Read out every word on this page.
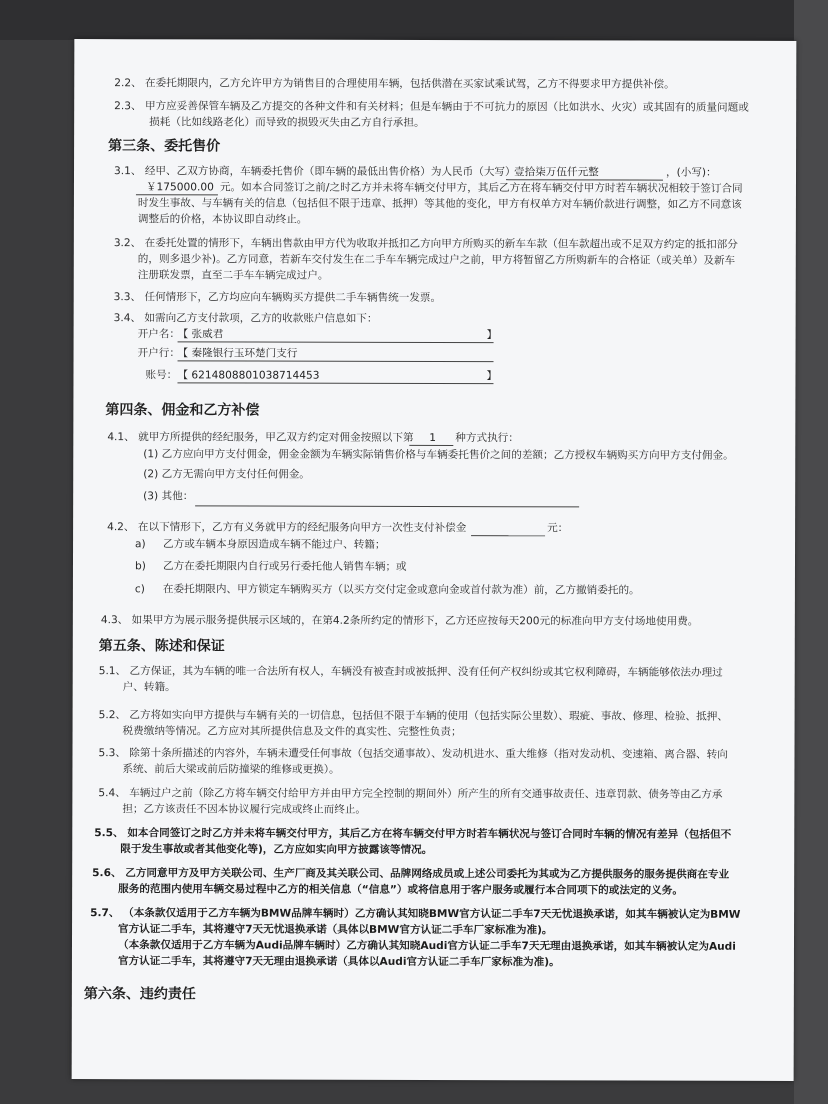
2.2、 在委托期限内，乙方允许甲方为销售目的合理使用车辆，包括供潜在买家试乘试驾，乙方不得要求甲方提供补偿。
2.3、 甲方应妥善保管车辆及乙方提交的各种文件和有关材料；但是车辆由于不可抗力的原因（比如洪水、火灾）或其固有的质量问题或
损耗（比如线路老化）而导致的损毁灭失由乙方自行承担。
第三条、委托售价
3.1、 经甲、乙双方协商，车辆委托售价（即车辆的最低出售价格）为人民币（大写）
壹拾柒万伍仟元整	，(小写)：
￥175000.00 元。如本合同签订之前/之时乙方并未将车辆交付甲方，其后乙方在将车辆交付甲方时若车辆状况相较于签订合同
时发生事故、与车辆有关的信息（包括但不限于违章、抵押）等其他的变化，甲方有权单方对车辆价款进行调整，如乙方不同意该
调整后的价格，本协议即自动终止。
3.2、 在委托处置的情形下，车辆出售款由甲方代为收取并抵扣乙方向甲方所购买的新车车款（但车款超出或不足双方约定的抵扣部分
的，则多退少补)。乙方同意，若新车交付发生在二手车车辆完成过户之前，甲方将暂留乙方所购新车的合格证（或关单）及新车
注册联发票，直至二手车车辆完成过户。
3.3、 任何情形下，乙方均应向车辆购买方提供二手车辆售统一发票。
3.4、 如需向乙方支付款项，乙方的收款账户信息如下：
开户名：
【 张威君	】
开户行：
【 秦隆银行玉环楚门支行
账号： 【 6214808801038714453	】
第四条、佣金和乙方补偿
4.1、 就甲方所提供的经纪服务，甲乙双方约定对佣金按照以下第 1 种方式执行：
(1) 乙方应向甲方支付佣金，佣金金额为车辆实际销售价格与车辆委托售价之间的差额；乙方授权车辆购买方向甲方支付佣金。
(2) 乙方无需向甲方支付任何佣金。
(3) 其他：
4.2、 在以下情形下，乙方有义务就甲方的经纪服务向甲方一次性支付补偿金	元：
a) 乙方或车辆本身原因造成车辆不能过户、转籍；
b) 乙方在委托期限内自行或另行委托他人销售车辆；或
c) 在委托期限内、甲方锁定车辆购买方（以买方交付定金或意向金或首付款为准）前，乙方撤销委托的。
4.3、 如果甲方为展示服务提供展示区域的，在第4.2条所约定的情形下，乙方还应按每天200元的标准向甲方支付场地使用费。
第五条、陈述和保证
5.1、 乙方保证，其为车辆的唯一合法所有权人，车辆没有被查封或被抵押、没有任何产权纠纷或其它权利障碍，车辆能够依法办理过
户、转籍。
5.2、 乙方将如实向甲方提供与车辆有关的一切信息，包括但不限于车辆的使用（包括实际公里数）、瑕疵、事故、修理、检验、抵押、
税费缴纳等情况。乙方应对其所提供信息及文件的真实性、完整性负责；
5.3、 除第十条所描述的内容外，车辆未遭受任何事故（包括交通事故）、发动机进水、重大维修（指对发动机、变速箱、离合器、转向
系统、前后大梁或前后防撞梁的维修或更换）。
5.4、 车辆过户之前（除乙方将车辆交付给甲方并由甲方完全控制的期间外）所产生的所有交通事故责任、违章罚款、债务等由乙方承
担；乙方该责任不因本协议履行完成或终止而终止。
5.5、 如本合同签订之时乙方并未将车辆交付甲方，其后乙方在将车辆交付甲方时若车辆状况与签订合同时车辆的情况有差异（包括但不
限于发生事故或者其他变化等)，乙方应如实向甲方披露该等情况。
5.6、 乙方同意甲方及甲方关联公司、生产厂商及其关联公司、品牌网络成员或上述公司委托为其或为乙方提供服务的服务提供商在专业
服务的范围内使用车辆交易过程中乙方的相关信息（“信息”）或将信息用于客户服务或履行本合同项下的或法定的义务。
5.7、 （本条款仅适用于乙方车辆为BMW品牌车辆时）乙方确认其知晓BMW官方认证二手车7天无忧退换承诺，如其车辆被认定为BMW
官方认证二手车，其将遵守7天无忧退换承诺（具体以BMW官方认证二手车厂家标准为准)。
（本条款仅适用于乙方车辆为Audi品牌车辆时）乙方确认其知晓Audi官方认证二手车7天无理由退换承诺，如其车辆被认定为Audi
官方认证二手车，其将遵守7天无理由退换承诺（具体以Audi官方认证二手车厂家标准为准)。
第六条、违约责任
